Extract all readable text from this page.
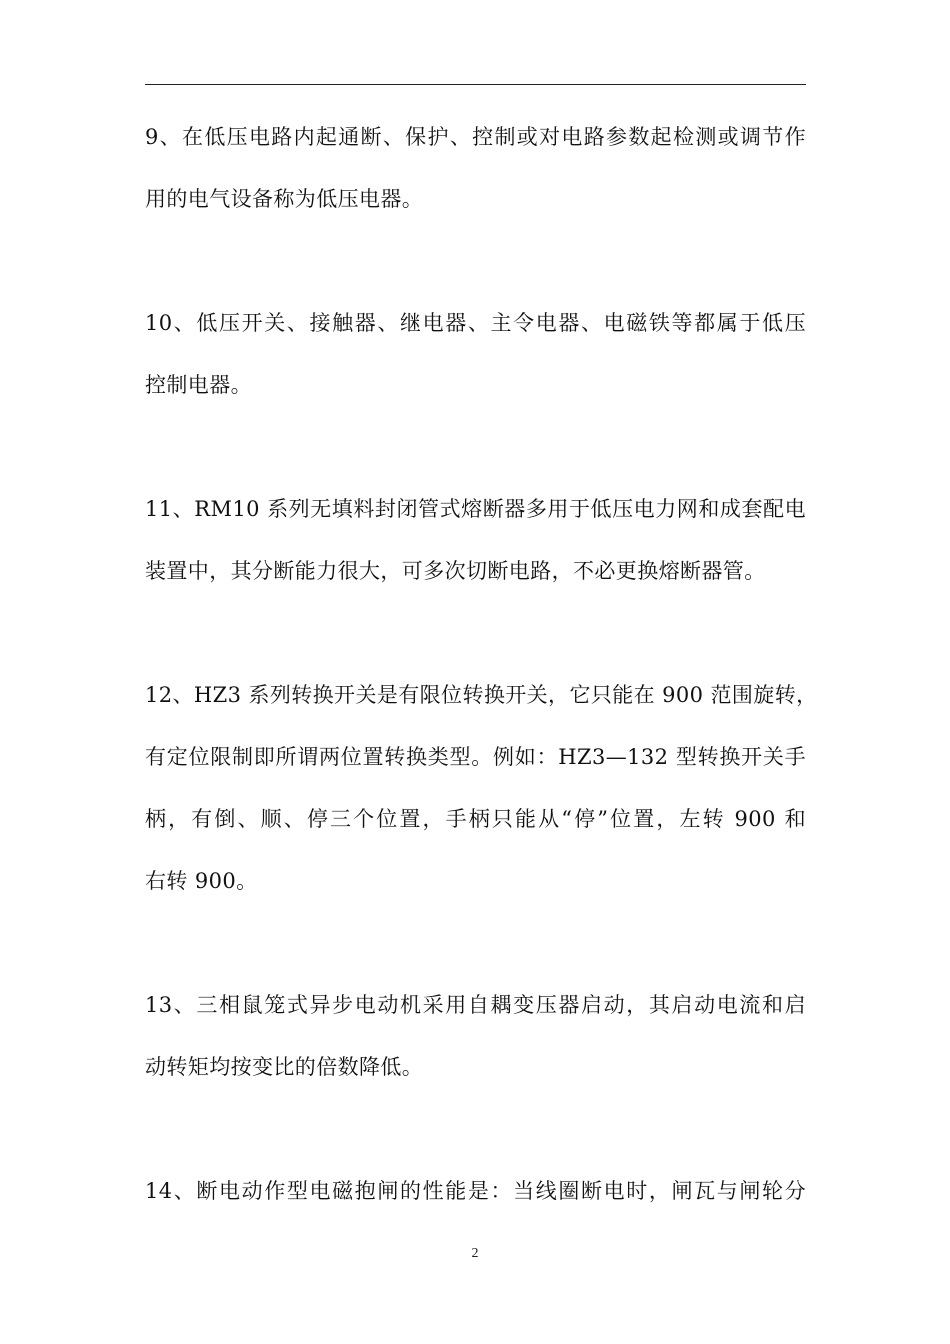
9、在低压电路内起通断、保护、控制或对电路参数起检测或调节作
用的电气设备称为低压电器。
10、低压开关、接触器、继电器、主令电器、电磁铁等都属于低压
控制电器。
11、RM10 系列无填料封闭管式熔断器多用于低压电力网和成套配电
装置中，其分断能力很大，可多次切断电路，不必更换熔断器管。
12、HZ3 系列转换开关是有限位转换开关，它只能在 900 范围旋转，
有定位限制即所谓两位置转换类型。例如：HZ3—132 型转换开关手
柄，有倒、顺、停三个位置，手柄只能从“停”位置，左转 900 和
右转 900。
13、三相鼠笼式异步电动机采用自耦变压器启动，其启动电流和启
动转矩均按变比的倍数降低。
14、断电动作型电磁抱闸的性能是：当线圈断电时，闸瓦与闸轮分
2
